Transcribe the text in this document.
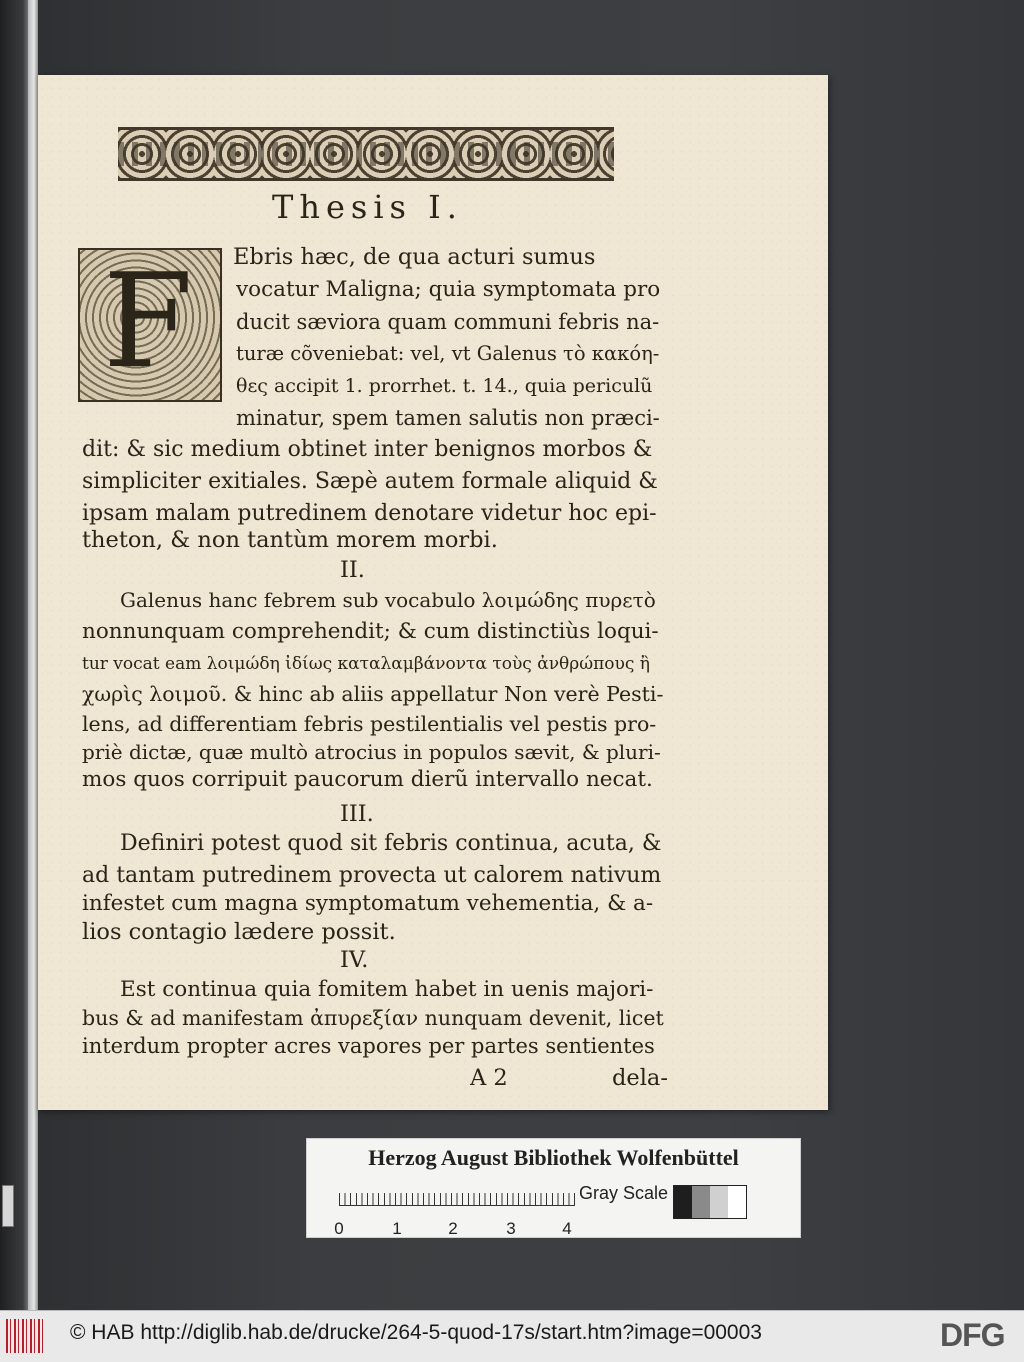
Thesis I.
F Ebris hæc, de qua acturi sumus
vocatur Maligna; quia symptomata pro
ducit sæviora quam communi febris na-
turæ cõveniebat: vel, vt Galenus τὸ κακόη-
θες accipit 1. prorrhet. t. 14., quia periculũ
minatur, spem tamen salutis non præci-
dit: & sic medium obtinet inter benignos morbos &
simpliciter exitiales. Sæpè autem formale aliquid &
ipsam malam putredinem denotare videtur hoc epi-
theton, & non tantùm morem morbi.
II.
Galenus hanc febrem sub vocabulo λοιμώδης πυρετὸ
nonnunquam comprehendit; & cum distinctiùs loqui-
tur vocat eam λοιμώδη ἰδίως καταλαμβάνοντα τοὺς ἀνθρώπους ἢ
χωρὶς λοιμοῦ. & hinc ab aliis appellatur Non verè Pesti-
lens, ad differentiam febris pestilentialis vel pestis pro-
priè dictæ, quæ multò atrocius in populos sævit, & pluri-
mos quos corripuit paucorum dierũ intervallo necat.
III.
Definiri potest quod sit febris continua, acuta, &
ad tantam putredinem provecta ut calorem nativum
infestet cum magna symptomatum vehementia, & a-
lios contagio lædere possit.
IV.
Est continua quia fomitem habet in uenis majori-
bus & ad manifestam ἀπυρεξίαν nunquam devenit, licet
interdum propter acres vapores per partes sentientes
A 2	dela-
Herzog August Bibliothek Wolfenbüttel
0	1	2	3	4
Gray Scale
© HAB http://diglib.hab.de/drucke/264-5-quod-17s/start.htm?image=00003	DFG
